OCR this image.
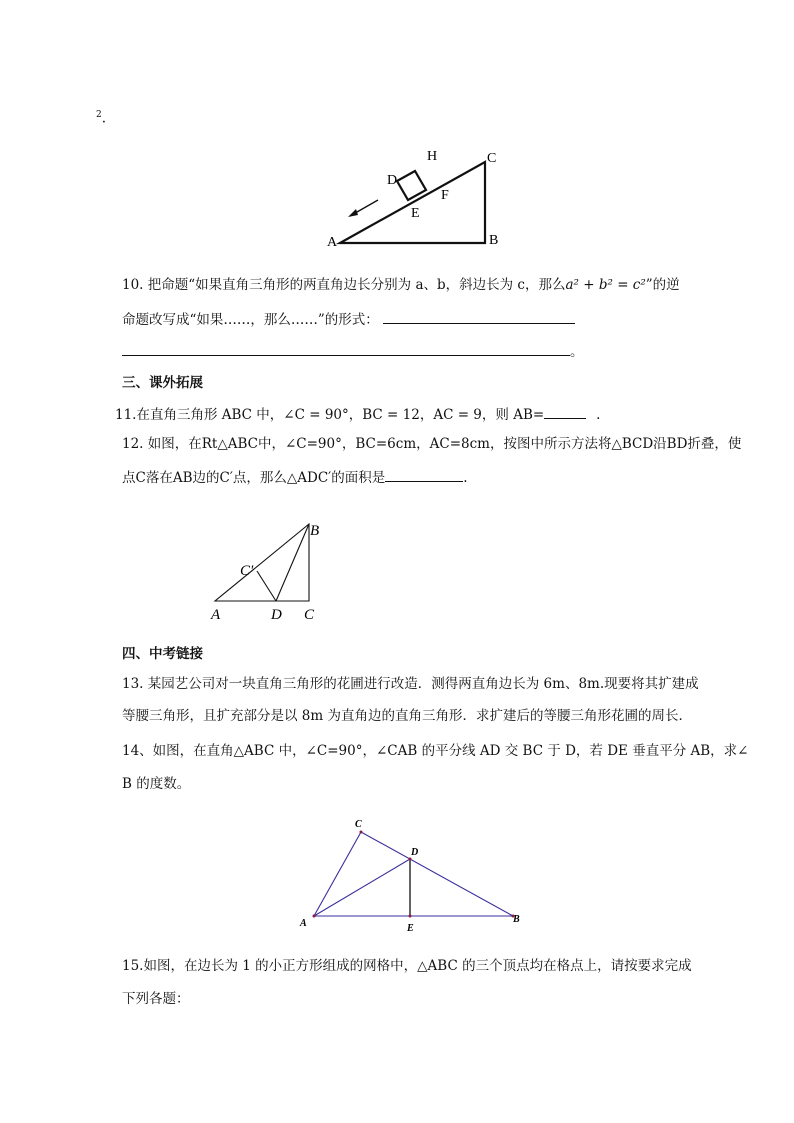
$^2$.
H	C
D
F
E
A	B
10. 把命题“如果直角三角形的两直角边长分别为 a、b，斜边长为 c，那么a² + b² = c²”的逆
命题改写成“如果……，那么……”的形式：
。
三、课外拓展
11.在直角三角形 ABC 中，∠C = 90°，BC = 12，AC = 9，则 AB=	.
12. 如图，在Rt△ABC中，∠C=90°，BC=6cm，AC=8cm，按图中所示方法将△BCD沿BD折叠，使
点C落在AB边的C′点，那么△ADC′的面积是	.
B
C′
A	D C
四、中考链接
13. 某园艺公司对一块直角三角形的花圃进行改造．测得两直角边长为 6m、8m.现要将其扩建成
等腰三角形，且扩充部分是以 8m 为直角边的直角三角形．求扩建后的等腰三角形花圃的周长．
14、如图，在直角△ABC 中，∠C=90°，∠CAB 的平分线 AD 交 BC 于 D，若 DE 垂直平分 AB，求∠
B 的度数。
C
D
A	E
B
15.如图，在边长为 1 的小正方形组成的网格中，△ABC 的三个顶点均在格点上，请按要求完成
下列各题：
